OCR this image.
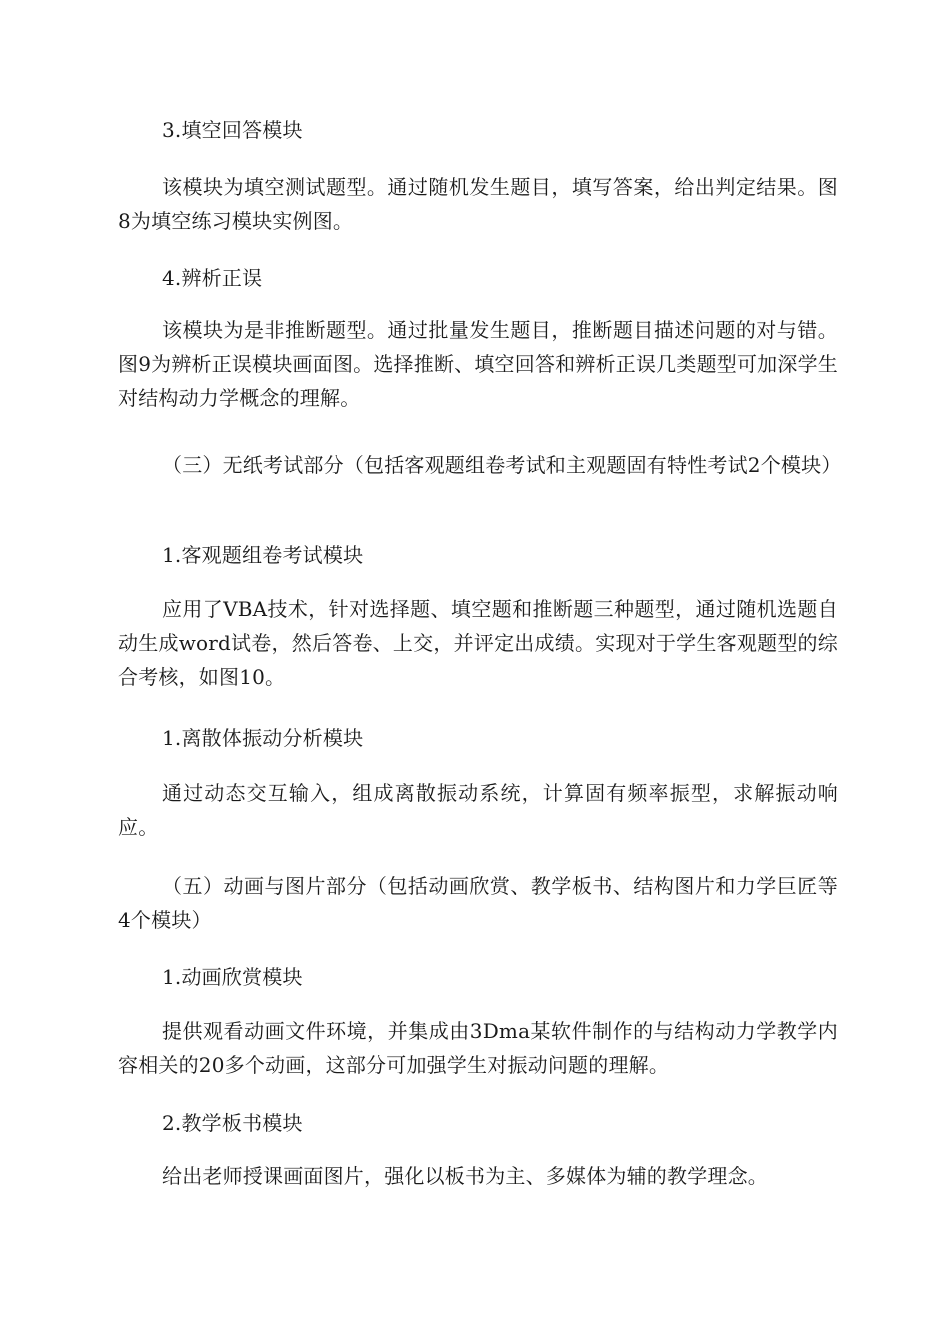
3.填空回答模块

该模块为填空测试题型。通过随机发生题目，填写答案，给出判定结果。图8为填空练习模块实例图。

4.辨析正误

该模块为是非推断题型。通过批量发生题目，推断题目描述问题的对与错。图9为辨析正误模块画面图。选择推断、填空回答和辨析正误几类题型可加深学生对结构动力学概念的理解。

（三）无纸考试部分（包括客观题组卷考试和主观题固有特性考试2个模块）

1.客观题组卷考试模块

应用了VBA技术，针对选择题、填空题和推断题三种题型，通过随机选题自动生成word试卷，然后答卷、上交，并评定出成绩。实现对于学生客观题型的综合考核，如图10。

1.离散体振动分析模块

通过动态交互输入，组成离散振动系统，计算固有频率振型，求解振动响应。

（五）动画与图片部分（包括动画欣赏、教学板书、结构图片和力学巨匠等4个模块）

1.动画欣赏模块

提供观看动画文件环境，并集成由3Dma某软件制作的与结构动力学教学内容相关的20多个动画，这部分可加强学生对振动问题的理解。

2.教学板书模块

给出老师授课画面图片，强化以板书为主、多媒体为辅的教学理念。
